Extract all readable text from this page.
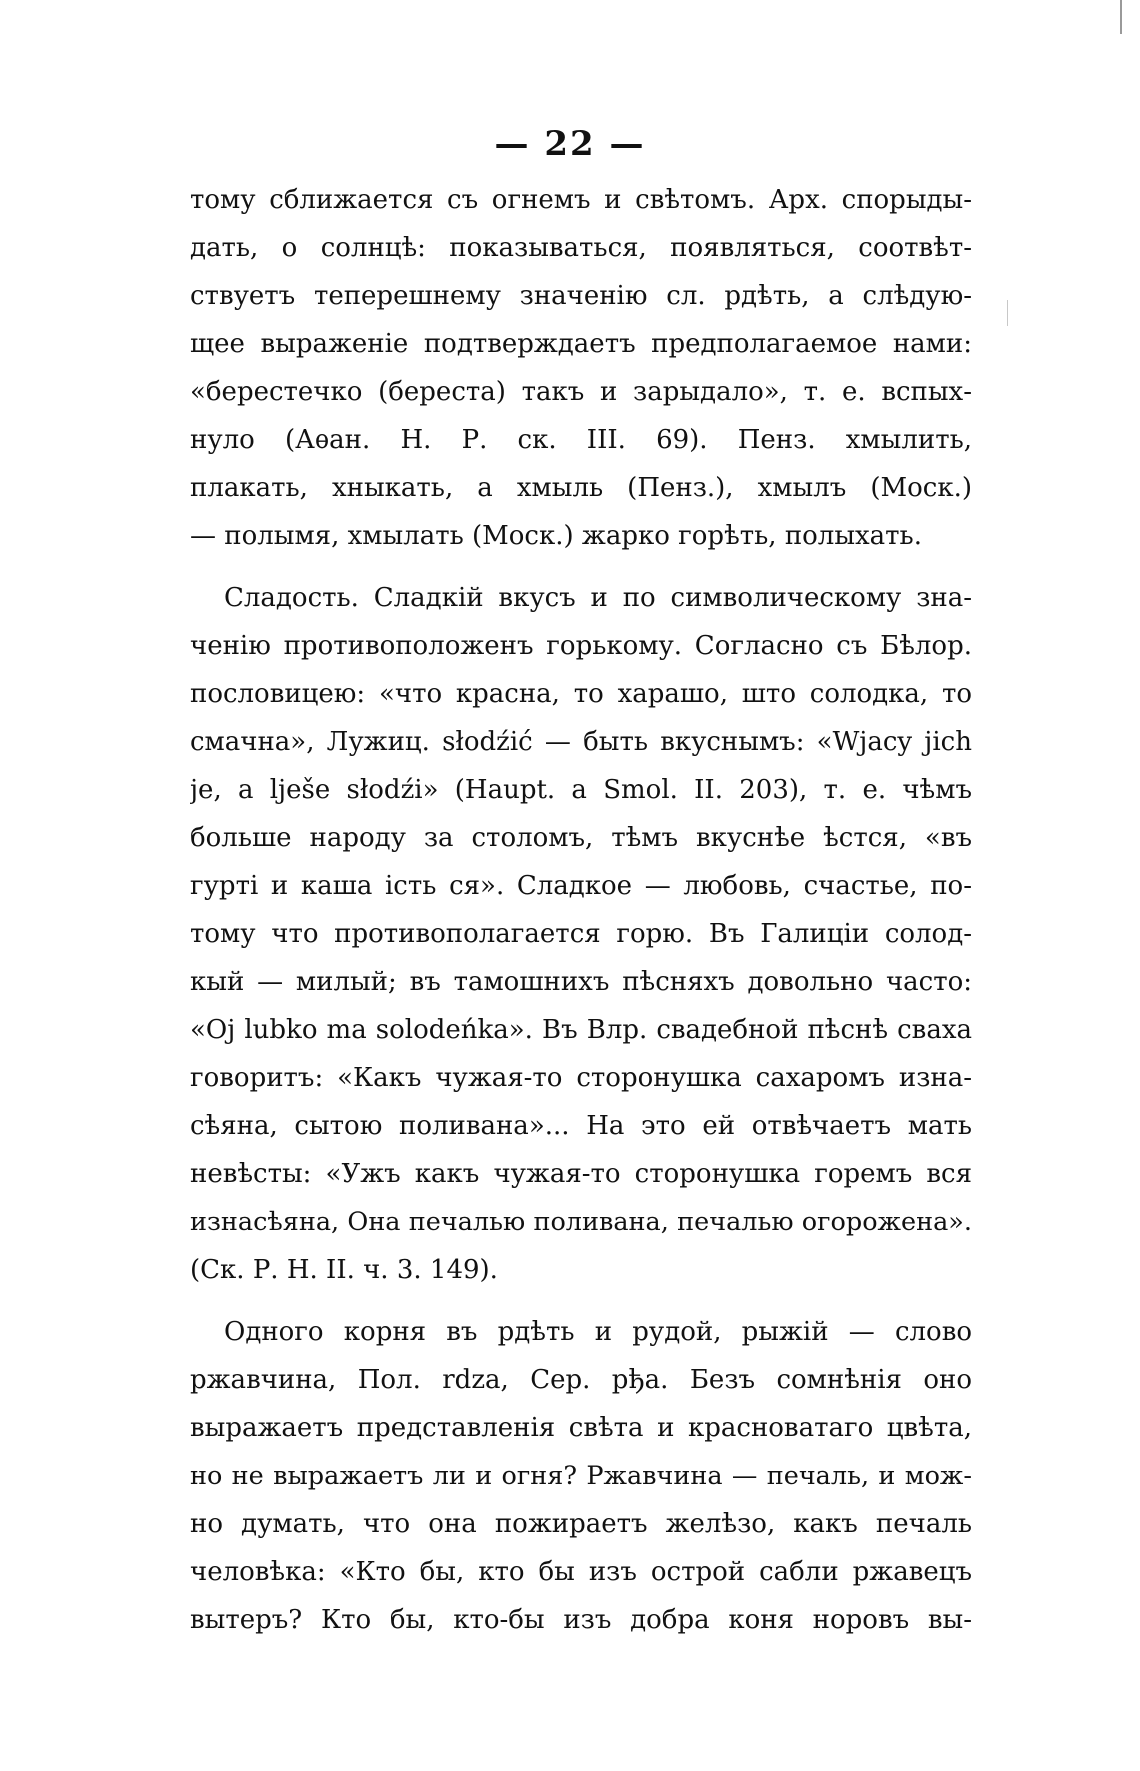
— 22 —
тому сближается съ огнемъ и свѣтомъ. Арх. спорыды-
дать, о солнцѣ: показываться, появляться, соотвѣт-
ствуетъ теперешнему значенію сл. рдѣть, а слѣдую-
щее выраженіе подтверждаетъ предполагаемое нами:
«берестечко (береста) такъ и зарыдало», т. е. вспых-
нуло (Аѳан. Н. Р. ск. III. 69). Пенз. хмылить,
плакать, хныкать, а хмыль (Пенз.), хмылъ (Моск.)
— полымя, хмылать (Моск.) жарко горѣть, полыхать.
Сладость. Сладкій вкусъ и по символическому зна-
ченію противоположенъ горькому. Согласно съ Бѣлор.
пословицею: «что красна, то харашо, што солодка, то
смачна», Лужиц. słodźić — быть вкуснымъ: «Wjacy jich
je, a lješe słodźi» (Haupt. a Smol. II. 203), т. е. чѣмъ
больше народу за столомъ, тѣмъ вкуснѣе ѣстся, «въ
гурті и каша ість ся». Сладкое — любовь, счастье, по-
тому что противополагается горю. Въ Галиціи солод-
кый — милый; въ тамошнихъ пѣсняхъ довольно часто:
«Oj lubko ma solodeńka». Въ Влр. свадебной пѣснѣ сваха
говоритъ: «Какъ чужая-то сторонушка сахаромъ изна-
сѣяна, сытою поливана»... На это ей отвѣчаетъ мать
невѣсты: «Ужъ какъ чужая-то сторонушка горемъ вся
изнасѣяна, Она печалью поливана, печалью огорожена».
(Ск. Р. Н. II. ч. 3. 149).
Одного корня въ рдѣть и рудой, рыжій — слово
ржавчина, Пол. rdza, Сер. рђа. Безъ сомнѣнія оно
выражаетъ представленія свѣта и красноватаго цвѣта,
но не выражаетъ ли и огня? Ржавчина — печаль, и мож-
но думать, что она пожираетъ желѣзо, какъ печаль
человѣка: «Кто бы, кто бы изъ острой сабли ржавецъ
вытеръ? Кто бы, кто-бы изъ добра коня норовъ вы-
